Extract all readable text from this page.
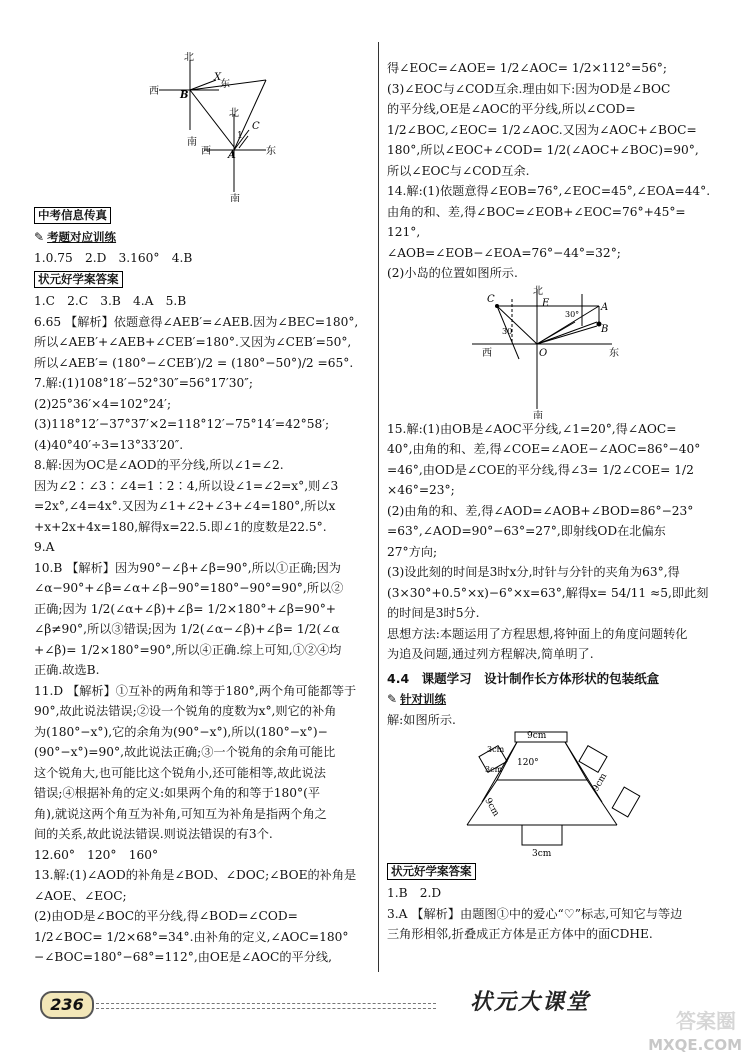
北
西
南
东
B
X
北
西
南
东
A
C
1
中考信息传真
✎ 考题对应训练
1.0.75　2.D　3.160°　4.B
状元好学案答案
1.C　2.C　3.B　4.A　5.B
6.65 【解析】依题意得∠AEB′=∠AEB.因为∠BEC=180°,
所以∠AEB′+∠AEB+∠CEB′=180°.又因为∠CEB′=50°,
所以∠AEB′= (180°−∠CEB′)/2 = (180°−50°)/2 =65°.
7.解:(1)108°18′−52°30″=56°17′30″;
(2)25°36′×4=102°24′;
(3)118°12′−37°37′×2=118°12′−75°14′=42°58′;
(4)40°40′÷3=13°33′20″.
8.解:因为OC是∠AOD的平分线,所以∠1=∠2.
因为∠2∶∠3∶∠4=1∶2∶4,所以设∠1=∠2=x°,则∠3
=2x°,∠4=4x°.又因为∠1+∠2+∠3+∠4=180°,所以x
+x+2x+4x=180,解得x=22.5.即∠1的度数是22.5°.
9.A
10.B 【解析】因为90°−∠β+∠β=90°,所以①正确;因为
∠α−90°+∠β=∠α+∠β−90°=180°−90°=90°,所以②
正确;因为 1/2(∠α+∠β)+∠β= 1/2×180°+∠β=90°+
∠β≠90°,所以③错误;因为 1/2(∠α−∠β)+∠β= 1/2(∠α
+∠β)= 1/2×180°=90°,所以④正确.综上可知,①②④均
正确.故选B.
11.D 【解析】①互补的两角和等于180°,两个角可能都等于
90°,故此说法错误;②设一个锐角的度数为x°,则它的补角
为(180°−x°),它的余角为(90°−x°),所以(180°−x°)−
(90°−x°)=90°,故此说法正确;③一个锐角的余角可能比
这个锐角大,也可能比这个锐角小,还可能相等,故此说法
错误;④根据补角的定义:如果两个角的和等于180°(平
角),就说这两个角互为补角,可知互为补角是指两个角之
间的关系,故此说法错误.则说法错误的有3个.
12.60°　120°　160°
13.解:(1)∠AOD的补角是∠BOD、∠DOC;∠BOE的补角是
∠AOE、∠EOC;
(2)由OD是∠BOC的平分线,得∠BOD=∠COD=
1/2∠BOC= 1/2×68°=34°.由补角的定义,∠AOC=180°
−∠BOC=180°−68°=112°,由OE是∠AOC的平分线,
得∠EOC=∠AOE= 1/2∠AOC= 1/2×112°=56°;
(3)∠EOC与∠COD互余.理由如下:因为OD是∠BOC
的平分线,OE是∠AOC的平分线,所以∠COD=
1/2∠BOC,∠EOC= 1/2∠AOC.又因为∠AOC+∠BOC=
180°,所以∠EOC+∠COD= 1/2(∠AOC+∠BOC)=90°,
所以∠EOC与∠COD互余.
14.解:(1)依题意得∠EOB=76°,∠EOC=45°,∠EOA=44°.
由角的和、差,得∠BOC=∠EOB+∠EOC=76°+45°=
121°,
∠AOB=∠EOB−∠EOA=76°−44°=32°;
(2)小岛的位置如图所示.
北
南
西	东
C	E	A
B
O
30°
30
15.解:(1)由OB是∠AOC平分线,∠1=20°,得∠AOC=
40°,由角的和、差,得∠COE=∠AOE−∠AOC=86°−40°
=46°,由OD是∠COE的平分线,得∠3= 1/2∠COE= 1/2
×46°=23°;
(2)由角的和、差,得∠AOD=∠AOB+∠BOD=86°−23°
=63°,∠AOD=90°−63°=27°,即射线OD在北偏东
27°方向;
(3)设此刻的时间是3时x分,时针与分针的夹角为63°,得
(3×30°+0.5°×x)−6°×x=63°,解得x= 54/11 ≈5,即此刻
的时间是3时5分.
思想方法:本题运用了方程思想,将钟面上的角度问题转化
为追及问题,通过列方程解决,简单明了.
4.4　课题学习　设计制作长方体形状的包装纸盒
✎ 针对训练
解:如图所示.
9cm
120°
3cm
3cm
9cm
9cm
3cm
状元好学案答案
1.B　2.D
3.A 【解析】由题图①中的爱心“♡”标志,可知它与等边
三角形相邻,折叠成正方体是正方体中的面CDHE.
236	状元大课堂
答案圈
MXQE.COM
